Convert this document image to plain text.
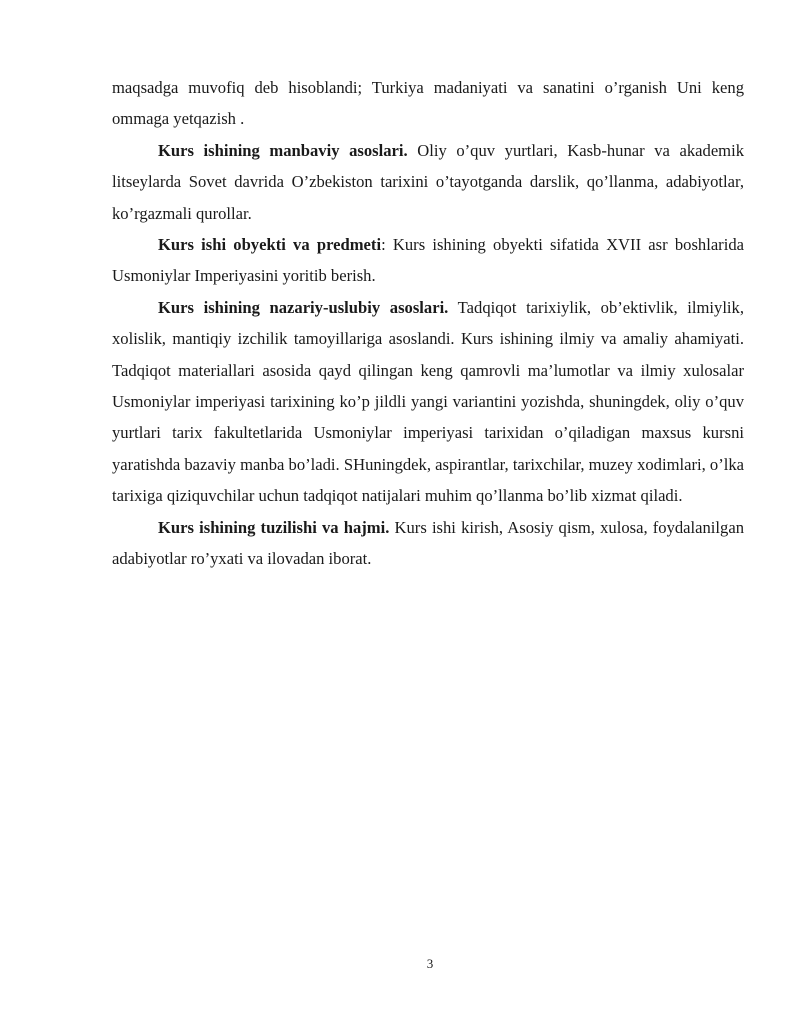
maqsadga muvofiq deb hisoblandi; Turkiya madaniyati va sanatini o’rganish Uni keng ommaga yetqazish .

Kurs ishining manbaviy asoslari. Oliy o’quv yurtlari, Kasb-hunar va akademik litseylarda Sovet davrida O’zbekiston tarixini o’tayotganda darslik, qo’llanma, adabiyotlar, ko’rgazmali qurollar.

Kurs ishi obyekti va predmeti: Kurs ishining obyekti sifatida XVII asr boshlarida Usmoniylar Imperiyasini yoritib berish.

Kurs ishining nazariy-uslubiy asoslari. Tadqiqot tarixiylik, ob’ektivlik, ilmiylik, xolislik, mantiqiy izchilik tamoyillariga asoslandi. Kurs ishining ilmiy va amaliy ahamiyati. Tadqiqot materiallari asosida qayd qilingan keng qamrovli ma’lumotlar va ilmiy xulosalar Usmoniylar imperiyasi tarixining ko’p jildli yangi variantini yozishda, shuningdek, oliy o’quv yurtlari tarix fakultetlarida Usmoniylar imperiyasi tarixidan o’qiladigan maxsus kursni yaratishda bazaviy manba bo’ladi. SHuningdek, aspirantlar, tarixchilar, muzey xodimlari, o’lka tarixiga qiziquvchilar uchun tadqiqot natijalari muhim qo’llanma bo’lib xizmat qiladi.

Kurs ishining tuzilishi va hajmi. Kurs ishi kirish, Asosiy qism, xulosa, foydalanilgan adabiyotlar ro’yxati va ilovadan iborat.

3
